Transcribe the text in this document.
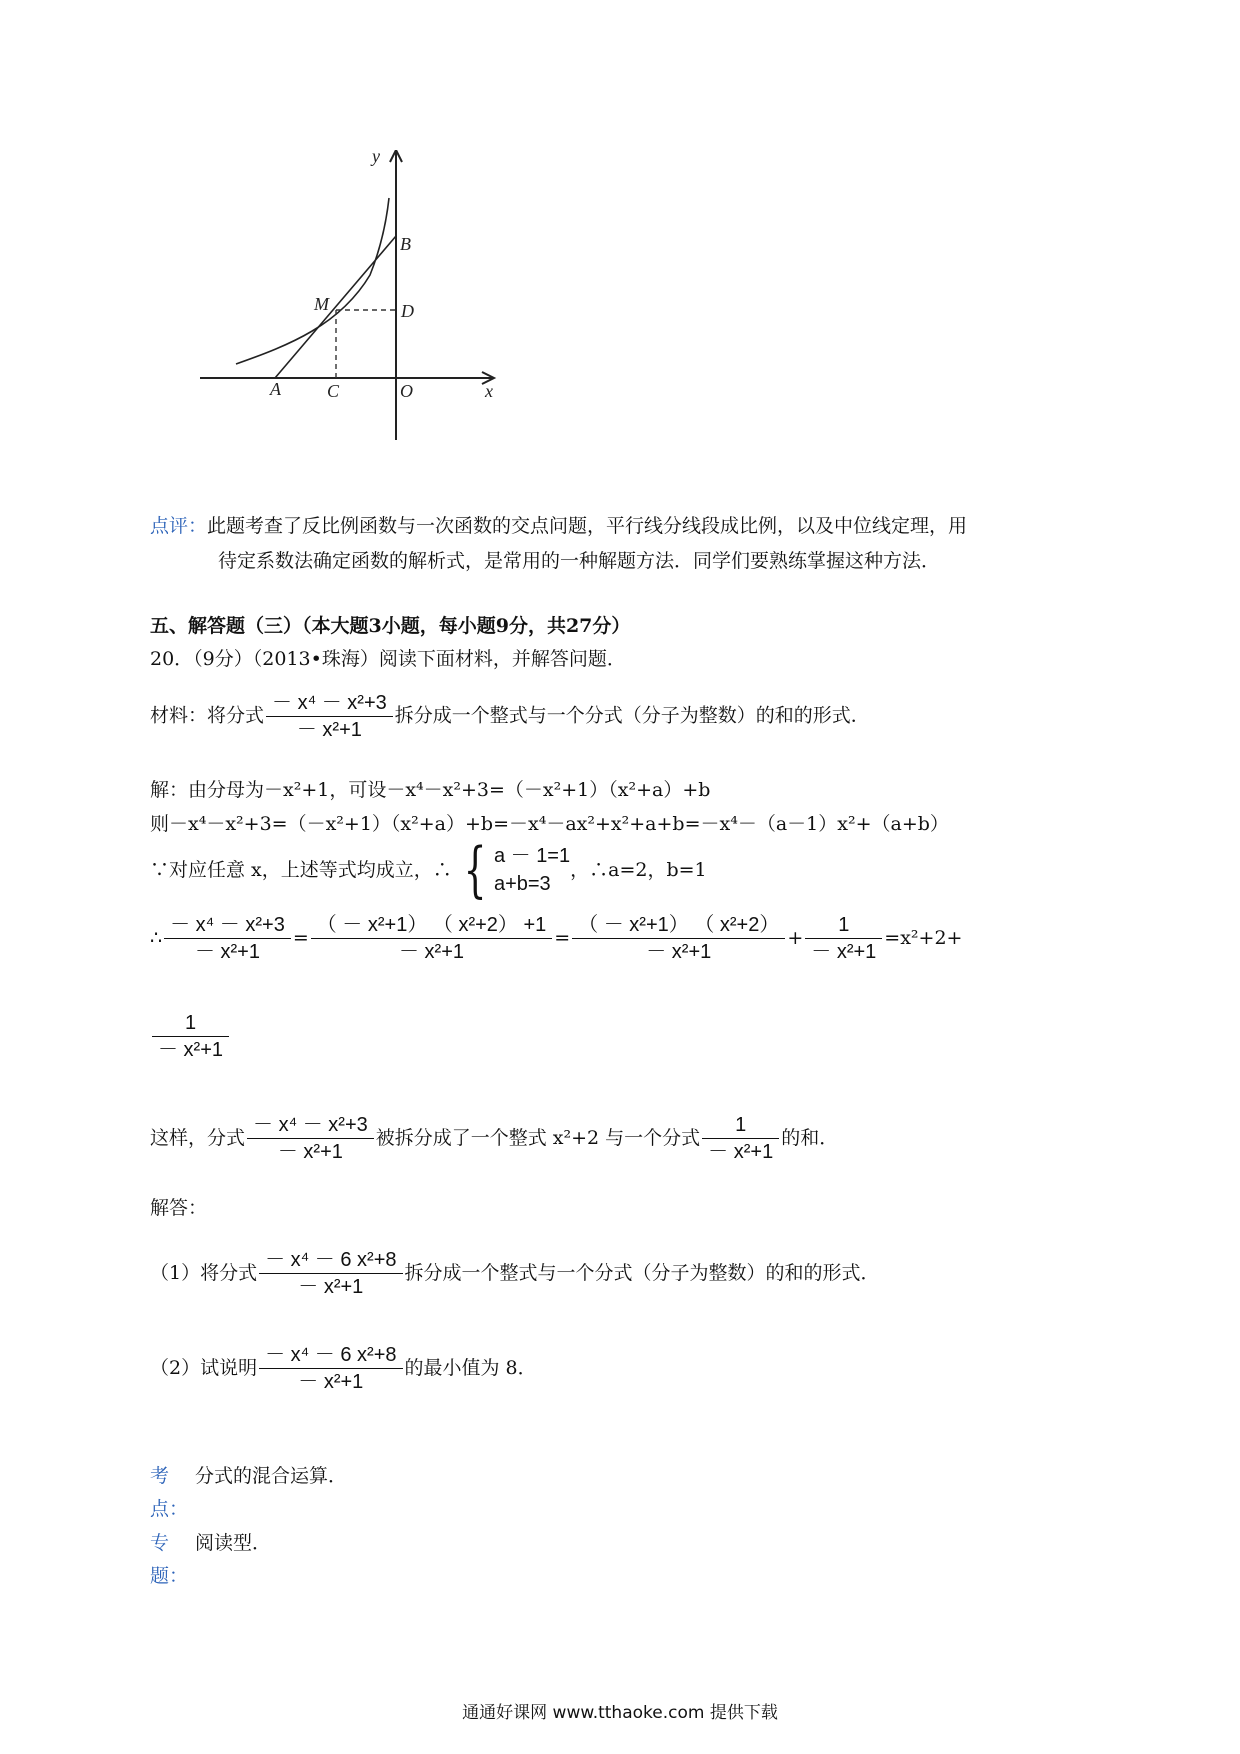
y
B
D
M
A	C	O	x
点评：此题考查了反比例函数与一次函数的交点问题，平行线分线段成比例，以及中位线定理，用
待定系数法确定函数的解析式，是常用的一种解题方法．同学们要熟练掌握这种方法．
五、解答题（三）（本大题3小题，每小题9分，共27分）
20．（9分）（2013•珠海）阅读下面材料，并解答问题．
材料：将分式 $\frac{\text{－ x⁴ － x²+3}}{\text{－ x²+1}}$ 拆分成一个整式与一个分式（分子为整数）的和的形式．
解：由分母为－x²+1，可设－x⁴－x²+3=（－x²+1）（x²+a）+b
则－x⁴－x²+3=（－x²+1）（x²+a）+b=－x⁴－ax²+x²+a+b=－x⁴－（a－1）x²+（a+b）
∵对应任意 x，上述等式均成立，∴ { a － 1=1
a+b=3
，∴a=2，b=1
∴ $\frac{\text{－ x⁴ － x²+3}}{\text{－ x²+1}} = \frac{\text{（ － x²+1） （ x²+2） +1}}{\text{－ x²+1}} = \frac{\text{（ － x²+1） （ x²+2）}}{\text{－ x²+1}} + \frac{1}{\text{－ x²+1}} =x^2+2+$
$\frac{1}{\text{－ x²+1}}$
这样，分式 $\frac{\text{－ x⁴ － x²+3}}{\text{－ x²+1}}$ 被拆分成了一个整式 x²+2 与一个分式 $\frac{1}{\text{－ x²+1}}$ 的和．
解答：
（1）将分式 $\frac{\text{－ x⁴ － 6 x²+8}}{\text{－ x²+1}}$ 拆分成一个整式与一个分式（分子为整数）的和的形式．
（2）试说明 $\frac{\text{－ x⁴ － 6 x²+8}}{\text{－ x²+1}}$ 的最小值为 8．
考 分式的混合运算．
点：
专 阅读型．
题：
通通好课网 www.tthaoke.com 提供下载
